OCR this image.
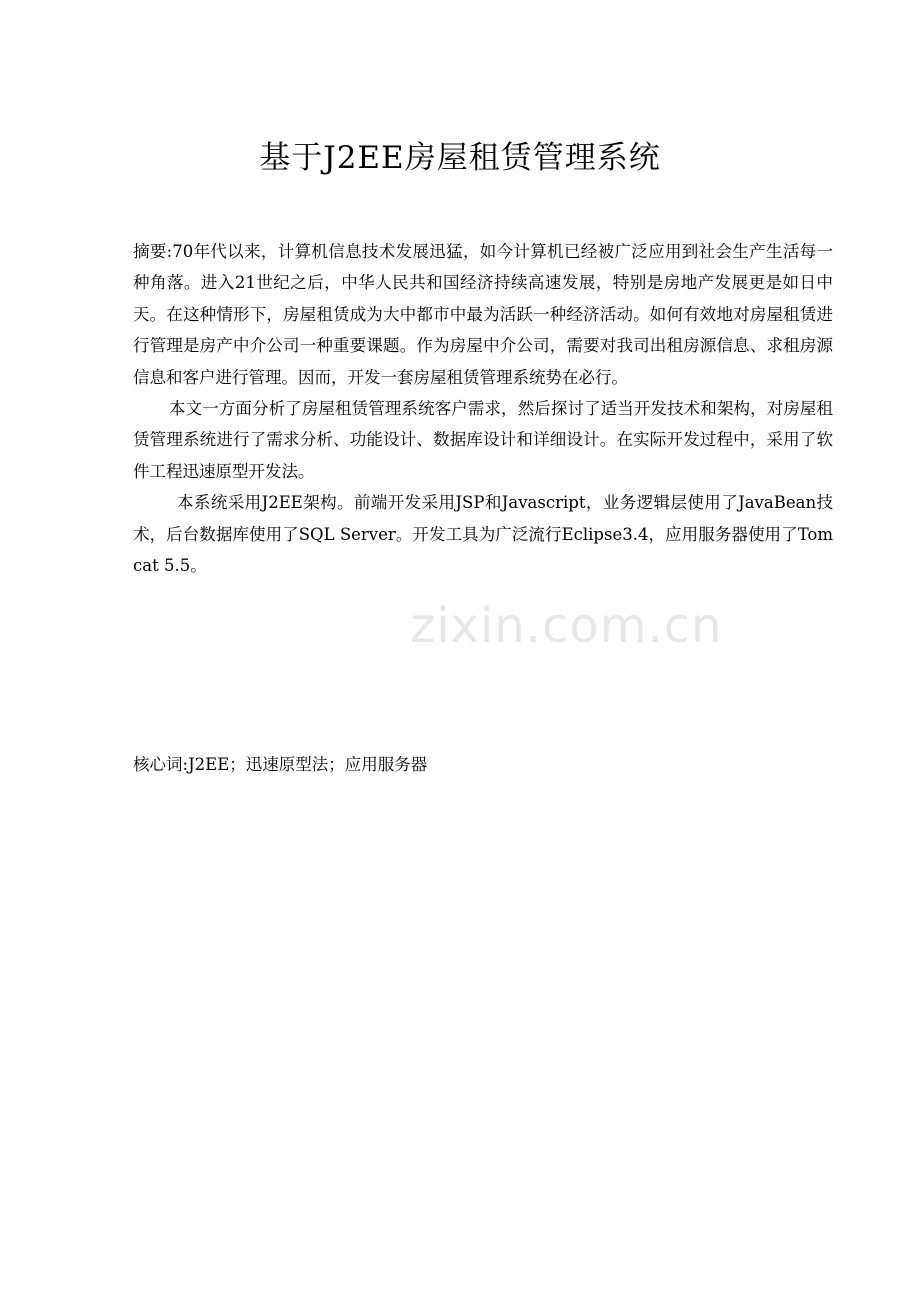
基于J2EE房屋租赁管理系统

摘要:70年代以来，计算机信息技术发展迅猛，如今计算机已经被广泛应用到社会生产生活每一种角落。进入21世纪之后，中华人民共和国经济持续高速发展，特别是房地产发展更是如日中天。在这种情形下，房屋租赁成为大中都市中最为活跃一种经济活动。如何有效地对房屋租赁进行管理是房产中介公司一种重要课题。作为房屋中介公司，需要对我司出租房源信息、求租房源信息和客户进行管理。因而，开发一套房屋租赁管理系统势在必行。

本文一方面分析了房屋租赁管理系统客户需求，然后探讨了适当开发技术和架构，对房屋租赁管理系统进行了需求分析、功能设计、数据库设计和详细设计。在实际开发过程中，采用了软件工程迅速原型开发法。

本系统采用J2EE架构。前端开发采用JSP和Javascript，业务逻辑层使用了JavaBean技术，后台数据库使用了SQL Server。开发工具为广泛流行Eclipse3.4，应用服务器使用了Tomcat 5.5。

核心词:J2EE；迅速原型法；应用服务器
zixin.com.cn
